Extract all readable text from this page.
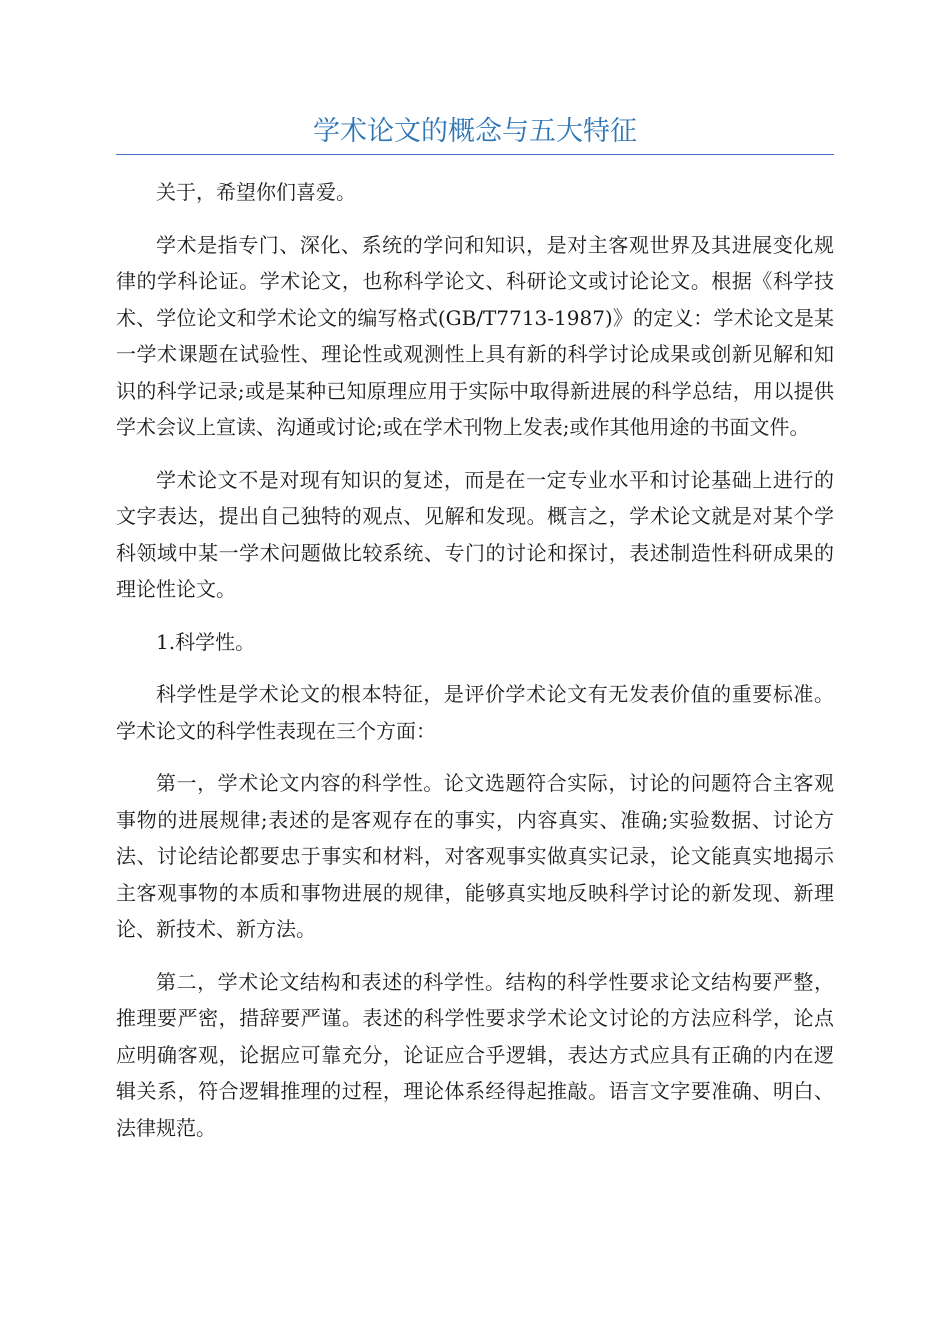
学术论文的概念与五大特征

关于，希望你们喜爱。

学术是指专门、深化、系统的学问和知识，是对主客观世界及其进展变化规律的学科论证。学术论文，也称科学论文、科研论文或讨论论文。根据《科学技术、学位论文和学术论文的编写格式(GB/T7713-1987)》的定义：学术论文是某一学术课题在试验性、理论性或观测性上具有新的科学讨论成果或创新见解和知识的科学记录;或是某种已知原理应用于实际中取得新进展的科学总结，用以提供学术会议上宣读、沟通或讨论;或在学术刊物上发表;或作其他用途的书面文件。

学术论文不是对现有知识的复述，而是在一定专业水平和讨论基础上进行的文字表达，提出自己独特的观点、见解和发现。概言之，学术论文就是对某个学科领域中某一学术问题做比较系统、专门的讨论和探讨，表述制造性科研成果的理论性论文。

1.科学性。

科学性是学术论文的根本特征，是评价学术论文有无发表价值的重要标准。学术论文的科学性表现在三个方面：

第一，学术论文内容的科学性。论文选题符合实际，讨论的问题符合主客观事物的进展规律;表述的是客观存在的事实，内容真实、准确;实验数据、讨论方法、讨论结论都要忠于事实和材料，对客观事实做真实记录，论文能真实地揭示主客观事物的本质和事物进展的规律，能够真实地反映科学讨论的新发现、新理论、新技术、新方法。

第二，学术论文结构和表述的科学性。结构的科学性要求论文结构要严整，推理要严密，措辞要严谨。表述的科学性要求学术论文讨论的方法应科学，论点应明确客观，论据应可靠充分，论证应合乎逻辑，表达方式应具有正确的内在逻辑关系，符合逻辑推理的过程，理论体系经得起推敲。语言文字要准确、明白、法律规范。
